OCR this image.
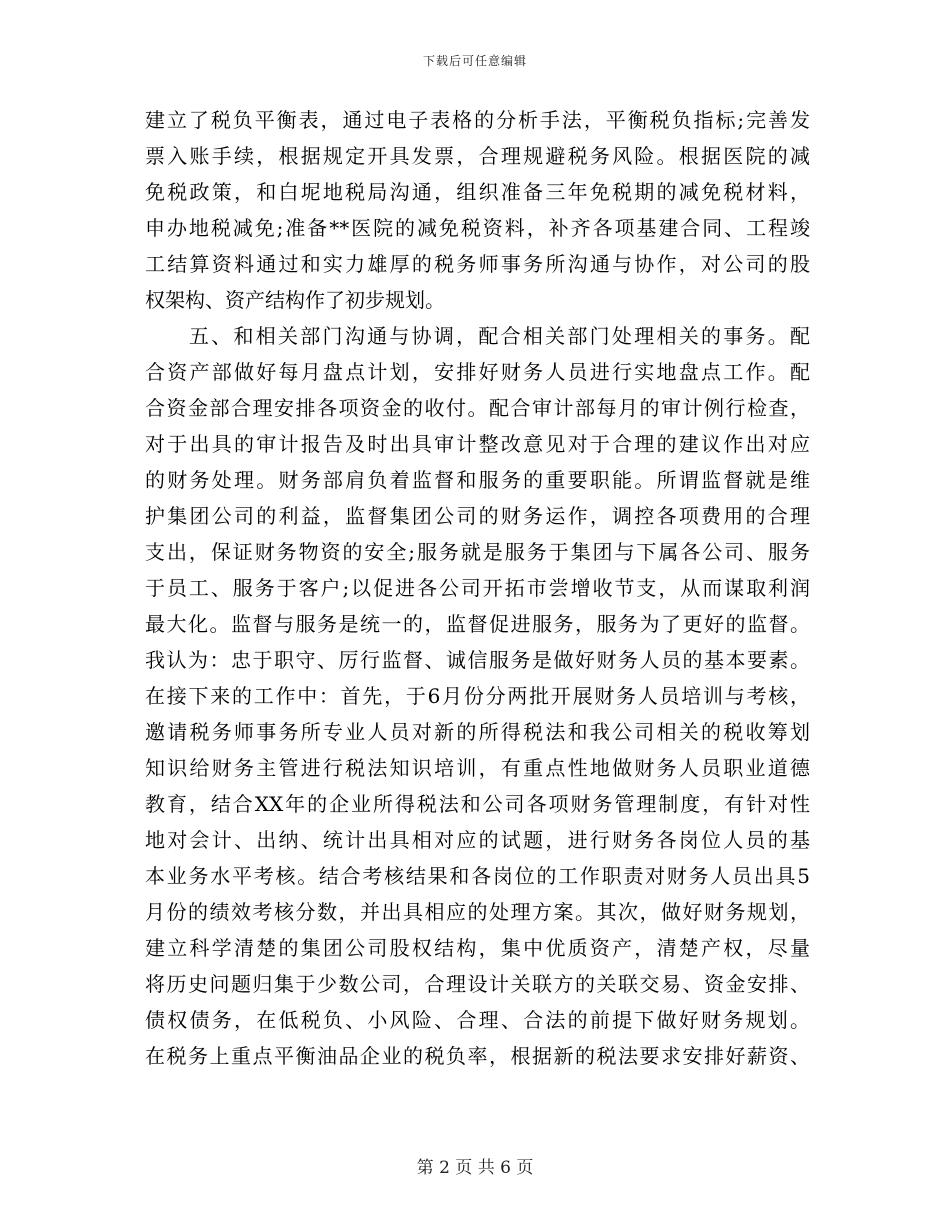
下载后可任意编辑
建立了税负平衡表，通过电子表格的分析手法，平衡税负指标;完善发
票入账手续，根据规定开具发票，合理规避税务风险。根据医院的减
免税政策，和白坭地税局沟通，组织准备三年免税期的减免税材料，
申办地税减免;准备**医院的减免税资料，补齐各项基建合同、工程竣
工结算资料通过和实力雄厚的税务师事务所沟通与协作，对公司的股
权架构、资产结构作了初步规划。
五、和相关部门沟通与协调，配合相关部门处理相关的事务。配
合资产部做好每月盘点计划，安排好财务人员进行实地盘点工作。配
合资金部合理安排各项资金的收付。配合审计部每月的审计例行检查，
对于出具的审计报告及时出具审计整改意见对于合理的建议作出对应
的财务处理。财务部肩负着监督和服务的重要职能。所谓监督就是维
护集团公司的利益，监督集团公司的财务运作，调控各项费用的合理
支出，保证财务物资的安全;服务就是服务于集团与下属各公司、服务
于员工、服务于客户;以促进各公司开拓市尝增收节支，从而谋取利润
最大化。监督与服务是统一的，监督促进服务，服务为了更好的监督。
我认为：忠于职守、厉行监督、诚信服务是做好财务人员的基本要素。
在接下来的工作中：首先，于6月份分两批开展财务人员培训与考核，
邀请税务师事务所专业人员对新的所得税法和我公司相关的税收筹划
知识给财务主管进行税法知识培训，有重点性地做财务人员职业道德
教育，结合XX年的企业所得税法和公司各项财务管理制度，有针对性
地对会计、出纳、统计出具相对应的试题，进行财务各岗位人员的基
本业务水平考核。结合考核结果和各岗位的工作职责对财务人员出具5
月份的绩效考核分数，并出具相应的处理方案。其次，做好财务规划，
建立科学清楚的集团公司股权结构，集中优质资产，清楚产权，尽量
将历史问题归集于少数公司，合理设计关联方的关联交易、资金安排、
债权债务，在低税负、小风险、合理、合法的前提下做好财务规划。
在税务上重点平衡油品企业的税负率，根据新的税法要求安排好薪资、
第 2 页 共 6 页
